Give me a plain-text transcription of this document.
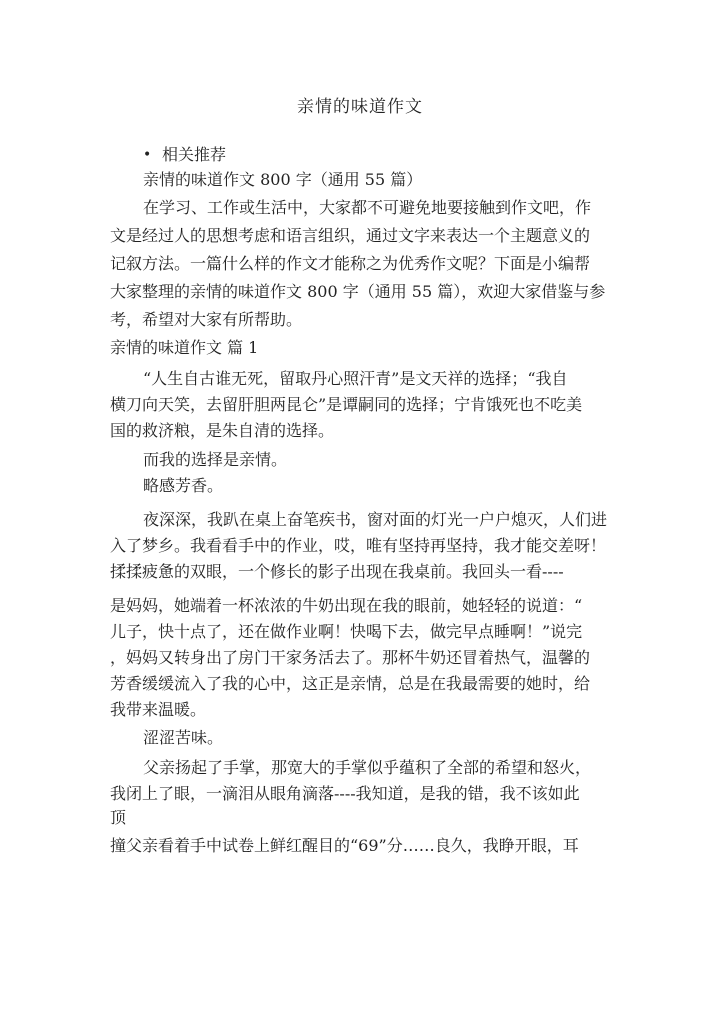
亲情的味道作文
• 相关推荐
亲情的味道作文 800 字（通用 55 篇）
在学习、工作或生活中，大家都不可避免地要接触到作文吧，作
文是经过人的思想考虑和语言组织，通过文字来表达一个主题意义的
记叙方法。一篇什么样的作文才能称之为优秀作文呢？下面是小编帮
大家整理的亲情的味道作文 800 字（通用 55 篇），欢迎大家借鉴与参
考，希望对大家有所帮助。
亲情的味道作文 篇 1
“人生自古谁无死，留取丹心照汗青”是文天祥的选择；“我自
横刀向天笑，去留肝胆两昆仑”是谭嗣同的选择；宁肯饿死也不吃美
国的救济粮，是朱自清的选择。
而我的选择是亲情。
略感芳香。
夜深深，我趴在桌上奋笔疾书，窗对面的灯光一户户熄灭，人们进
入了梦乡。我看看手中的作业，哎，唯有坚持再坚持，我才能交差呀！
揉揉疲惫的双眼，一个修长的影子出现在我桌前。我回头一看----
是妈妈，她端着一杯浓浓的牛奶出现在我的眼前，她轻轻的说道：“
儿子，快十点了，还在做作业啊！快喝下去，做完早点睡啊！”说完
，妈妈又转身出了房门干家务活去了。那杯牛奶还冒着热气，温馨的
芳香缓缓流入了我的心中，这正是亲情，总是在我最需要的她时，给
我带来温暖。
涩涩苦味。
父亲扬起了手掌，那宽大的手掌似乎蕴积了全部的希望和怒火，
我闭上了眼，一滴泪从眼角滴落----我知道，是我的错，我不该如此
顶
撞父亲看着手中试卷上鲜红醒目的“69”分……良久，我睁开眼，耳
